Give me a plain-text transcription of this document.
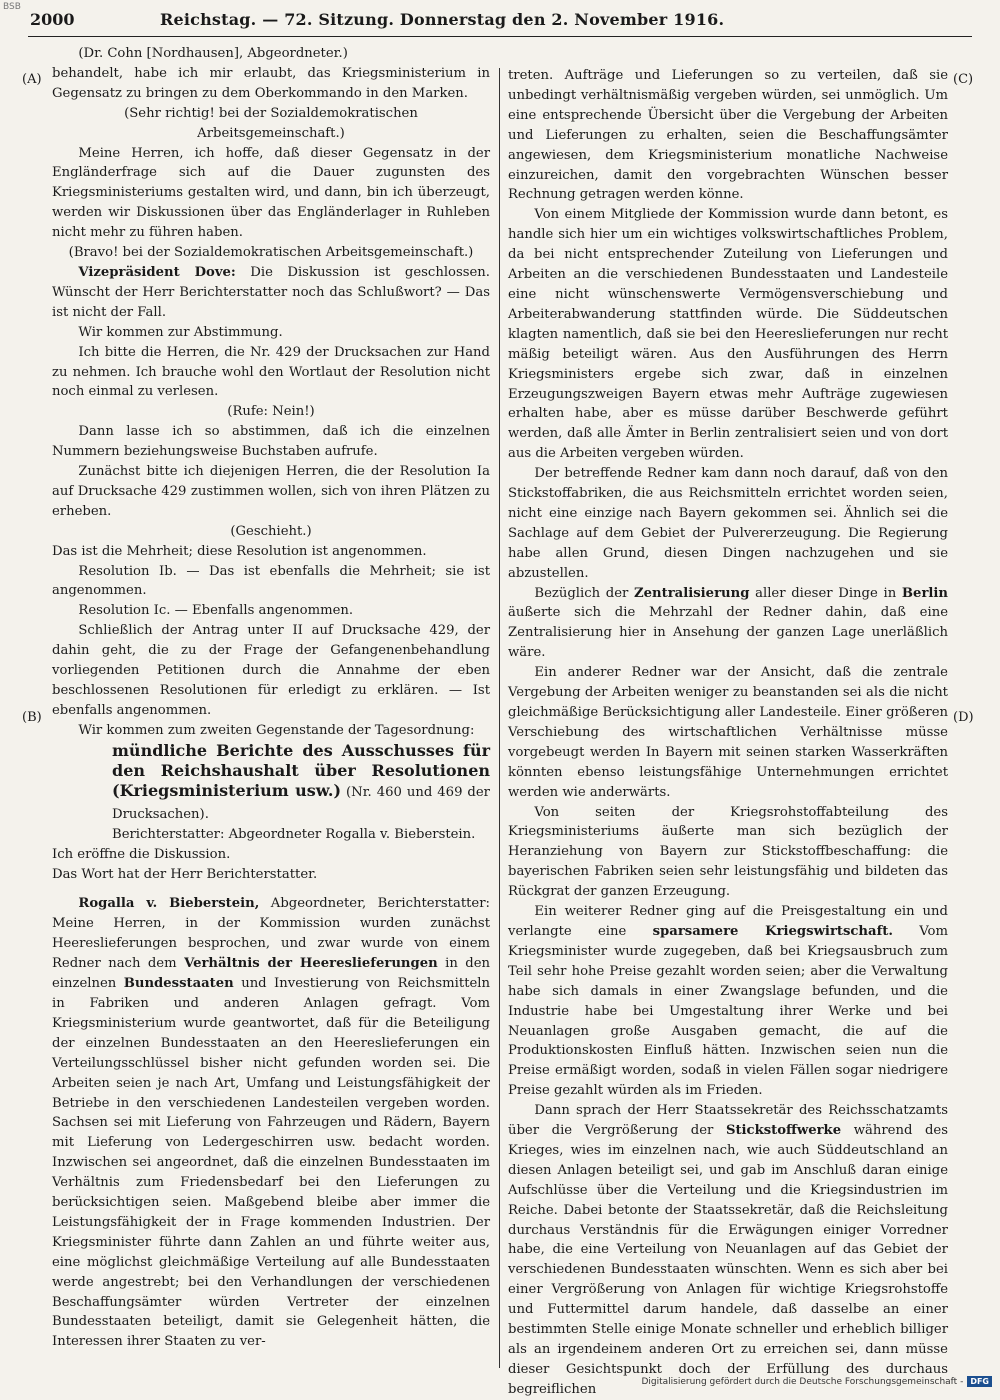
BSB
2000	Reichstag. — 72. Sitzung. Donnerstag den 2. November 1916.
(A)
(B)
(C)
(D)

(Dr. Cohn [Nordhausen], Abgeordneter.)

behandelt, habe ich mir erlaubt, das Kriegsministerium in Gegensatz zu bringen zu dem Oberkommando in den Marken.

(Sehr richtig! bei der Sozialdemokratischen Arbeitsgemeinschaft.)

Meine Herren, ich hoffe, daß dieser Gegensatz in der Engländerfrage sich auf die Dauer zugunsten des Kriegsministeriums gestalten wird, und dann, bin ich überzeugt, werden wir Diskussionen über das Engländerlager in Ruhleben nicht mehr zu führen haben.

(Bravo! bei der Sozialdemokratischen Arbeitsgemeinschaft.)

Vizepräsident Dove: Die Diskussion ist geschlossen. Wünscht der Herr Berichterstatter noch das Schlußwort? — Das ist nicht der Fall.

Wir kommen zur Abstimmung.

Ich bitte die Herren, die Nr. 429 der Drucksachen zur Hand zu nehmen. Ich brauche wohl den Wortlaut der Resolution nicht noch einmal zu verlesen.

(Rufe: Nein!)

Dann lasse ich so abstimmen, daß ich die einzelnen Nummern beziehungsweise Buchstaben aufrufe.

Zunächst bitte ich diejenigen Herren, die der Resolution Ia auf Drucksache 429 zustimmen wollen, sich von ihren Plätzen zu erheben.

(Geschieht.)

Das ist die Mehrheit; diese Resolution ist angenommen.

Resolution Ib. — Das ist ebenfalls die Mehrheit; sie ist angenommen.

Resolution Ic. — Ebenfalls angenommen.

Schließlich der Antrag unter II auf Drucksache 429, der dahin geht, die zu der Frage der Gefangenenbehandlung vorliegenden Petitionen durch die Annahme der eben beschlossenen Resolutionen für erledigt zu erklären. — Ist ebenfalls angenommen.

Wir kommen zum zweiten Gegenstande der Tagesordnung:

mündliche Berichte des Ausschusses für den Reichshaushalt über Resolutionen (Kriegsministerium usw.) (Nr. 460 und 469 der Drucksachen).

Berichterstatter: Abgeordneter Rogalla v. Bieberstein.

Ich eröffne die Diskussion.

Das Wort hat der Herr Berichterstatter.

Rogalla v. Bieberstein, Abgeordneter, Berichterstatter: Meine Herren, in der Kommission wurden zunächst Heereslieferungen besprochen, und zwar wurde von einem Redner nach dem Verhältnis der Heereslieferungen in den einzelnen Bundesstaaten und Investierung von Reichsmitteln in Fabriken und anderen Anlagen gefragt. Vom Kriegsministerium wurde geantwortet, daß für die Beteiligung der einzelnen Bundesstaaten an den Heereslieferungen ein Verteilungsschlüssel bisher nicht gefunden worden sei. Die Arbeiten seien je nach Art, Umfang und Leistungsfähigkeit der Betriebe in den verschiedenen Landesteilen vergeben worden. Sachsen sei mit Lieferung von Fahrzeugen und Rädern, Bayern mit Lieferung von Ledergeschirren usw. bedacht worden. Inzwischen sei angeordnet, daß die einzelnen Bundesstaaten im Verhältnis zum Friedensbedarf bei den Lieferungen zu berücksichtigen seien. Maßgebend bleibe aber immer die Leistungsfähigkeit der in Frage kommenden Industrien. Der Kriegsminister führte dann Zahlen an und führte weiter aus, eine möglichst gleichmäßige Verteilung auf alle Bundesstaaten werde angestrebt; bei den Verhandlungen der verschiedenen Beschaffungsämter würden Vertreter der einzelnen Bundesstaaten beteiligt, damit sie Gelegenheit hätten, die Interessen ihrer Staaten zu ver-

treten. Aufträge und Lieferungen so zu verteilen, daß sie unbedingt verhältnismäßig vergeben würden, sei unmöglich. Um eine entsprechende Übersicht über die Vergebung der Arbeiten und Lieferungen zu erhalten, seien die Beschaffungsämter angewiesen, dem Kriegsministerium monatliche Nachweise einzureichen, damit den vorgebrachten Wünschen besser Rechnung getragen werden könne.

Von einem Mitgliede der Kommission wurde dann betont, es handle sich hier um ein wichtiges volkswirtschaftliches Problem, da bei nicht entsprechender Zuteilung von Lieferungen und Arbeiten an die verschiedenen Bundesstaaten und Landesteile eine nicht wünschenswerte Vermögensverschiebung und Arbeiterabwanderung stattfinden würde. Die Süddeutschen klagten namentlich, daß sie bei den Heereslieferungen nur recht mäßig beteiligt wären. Aus den Ausführungen des Herrn Kriegsministers ergebe sich zwar, daß in einzelnen Erzeugungszweigen Bayern etwas mehr Aufträge zugewiesen erhalten habe, aber es müsse darüber Beschwerde geführt werden, daß alle Ämter in Berlin zentralisiert seien und von dort aus die Arbeiten vergeben würden.

Der betreffende Redner kam dann noch darauf, daß von den Stickstoffabriken, die aus Reichsmitteln errichtet worden seien, nicht eine einzige nach Bayern gekommen sei. Ähnlich sei die Sachlage auf dem Gebiet der Pulvererzeugung. Die Regierung habe allen Grund, diesen Dingen nachzugehen und sie abzustellen.

Bezüglich der Zentralisierung aller dieser Dinge in Berlin äußerte sich die Mehrzahl der Redner dahin, daß eine Zentralisierung hier in Ansehung der ganzen Lage unerläßlich wäre.

Ein anderer Redner war der Ansicht, daß die zentrale Vergebung der Arbeiten weniger zu beanstanden sei als die nicht gleichmäßige Berücksichtigung aller Landesteile. Einer größeren Verschiebung des wirtschaftlichen Verhältnisse müsse vorgebeugt werden In Bayern mit seinen starken Wasserkräften könnten ebenso leistungsfähige Unternehmungen errichtet werden wie anderwärts.

Von seiten der Kriegsrohstoffabteilung des Kriegsministeriums äußerte man sich bezüglich der Heranziehung von Bayern zur Stickstoffbeschaffung: die bayerischen Fabriken seien sehr leistungsfähig und bildeten das Rückgrat der ganzen Erzeugung.

Ein weiterer Redner ging auf die Preisgestaltung ein und verlangte eine sparsamere Kriegswirtschaft. Vom Kriegsminister wurde zugegeben, daß bei Kriegsausbruch zum Teil sehr hohe Preise gezahlt worden seien; aber die Verwaltung habe sich damals in einer Zwangslage befunden, und die Industrie habe bei Umgestaltung ihrer Werke und bei Neuanlagen große Ausgaben gemacht, die auf die Produktionskosten Einfluß hätten. Inzwischen seien nun die Preise ermäßigt worden, sodaß in vielen Fällen sogar niedrigere Preise gezahlt würden als im Frieden.

Dann sprach der Herr Staatssekretär des Reichsschatzamts über die Vergrößerung der Stickstoffwerke während des Krieges, wies im einzelnen nach, wie auch Süddeutschland an diesen Anlagen beteiligt sei, und gab im Anschluß daran einige Aufschlüsse über die Verteilung und die Kriegsindustrien im Reiche. Dabei betonte der Staatssekretär, daß die Reichsleitung durchaus Verständnis für die Erwägungen einiger Vorredner habe, die eine Verteilung von Neuanlagen auf das Gebiet der verschiedenen Bundesstaaten wünschten. Wenn es sich aber bei einer Vergrößerung von Anlagen für wichtige Kriegsrohstoffe und Futtermittel darum handele, daß dasselbe an einer bestimmten Stelle einige Monate schneller und erheblich billiger als an irgendeinem anderen Ort zu erreichen sei, dann müsse dieser Gesichtspunkt doch der Erfüllung des durchaus begreiflichen

Digitalisierung gefördert durch die Deutsche Forschungsgemeinschaft - DFG
